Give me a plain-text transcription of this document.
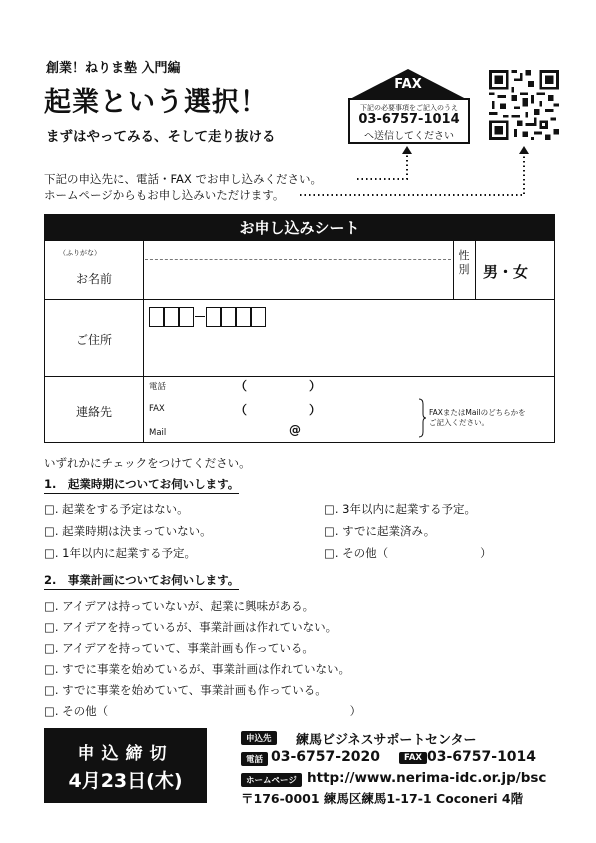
創業！ねりま塾 入門編
起業という選択！
まずはやってみる、そして走り抜ける
下記の申込先に、電話・FAX でお申し込みください。
ホームページからもお申し込みいただけます。
FAX
下記の必要事項をご記入のうえ
03-6757-1014
へ送信してください
お申し込みシート
（ふりがな）
お名前
性別 男・女
ご住所
連絡先
電話	（	）
FAX	（	）
Mail	@
FAXまたはMailのどちらかを
ご記入ください。
いずれかにチェックをつけてください。
1.　起業時期についてお伺いします。
□. 起業をする予定はない。
□. 起業時期は決まっていない。
□. 1年以内に起業する予定。
□. 3年以内に起業する予定。
□. すでに起業済み。
□. その他（　　　　　　　　）
2.　事業計画についてお伺いします。
□. アイデアは持っていないが、起業に興味がある。
□. アイデアを持っているが、事業計画は作れていない。
□. アイデアを持っていて、事業計画も作っている。
□. すでに事業を始めているが、事業計画は作れていない。
□. すでに事業を始めていて、事業計画も作っている。
□. その他（　　　　　　　　　　　　　　　　　　　　　）
申込締切
4月23日(木)
申込先	練馬ビジネスサポートセンター
電話 03-6757-2020	FAX 03-6757-1014
ホームページ http://www.nerima-idc.or.jp/bsc
〒176-0001 練馬区練馬1-17-1 Coconeri 4階
